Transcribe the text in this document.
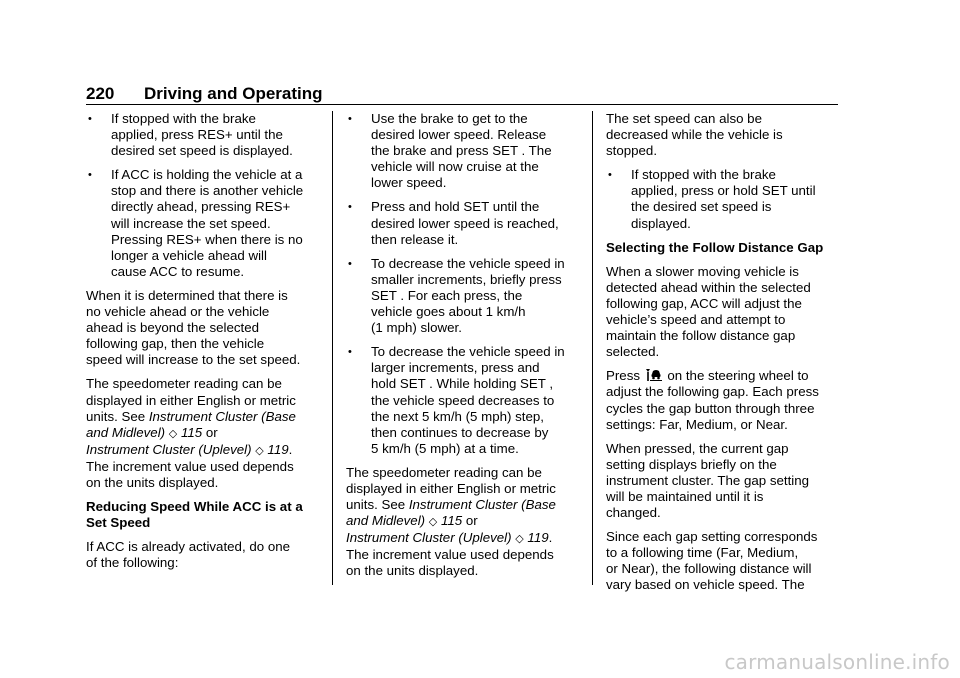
220 Driving and Operating
• If stopped with the brake
applied, press RES+ until the
desired set speed is displayed.
• If ACC is holding the vehicle at a
stop and there is another vehicle
directly ahead, pressing RES+
will increase the set speed.
Pressing RES+ when there is no
longer a vehicle ahead will
cause ACC to resume.

When it is determined that there is
no vehicle ahead or the vehicle
ahead is beyond the selected
following gap, then the vehicle
speed will increase to the set speed.

The speedometer reading can be
displayed in either English or metric
units. See Instrument Cluster (Base
and Midlevel) ◇ 115 or
Instrument Cluster (Uplevel) ◇ 119.
The increment value used depends
on the units displayed.

Reducing Speed While ACC is at a
Set Speed

If ACC is already activated, do one
of the following:

• Use the brake to get to the
desired lower speed. Release
the brake and press SET . The
vehicle will now cruise at the
lower speed.
• Press and hold SET until the
desired lower speed is reached,
then release it.
• To decrease the vehicle speed in
smaller increments, briefly press
SET . For each press, the
vehicle goes about 1 km/h
(1 mph) slower.
• To decrease the vehicle speed in
larger increments, press and
hold SET . While holding SET ,
the vehicle speed decreases to
the next 5 km/h (5 mph) step,
then continues to decrease by
5 km/h (5 mph) at a time.

The speedometer reading can be
displayed in either English or metric
units. See Instrument Cluster (Base
and Midlevel) ◇ 115 or
Instrument Cluster (Uplevel) ◇ 119.
The increment value used depends
on the units displayed.

The set speed can also be
decreased while the vehicle is
stopped.

• If stopped with the brake
applied, press or hold SET until
the desired set speed is
displayed.

Selecting the Follow Distance Gap

When a slower moving vehicle is
detected ahead within the selected
following gap, ACC will adjust the
vehicle’s speed and attempt to
maintain the follow distance gap
selected.

Press  on the steering wheel to
adjust the following gap. Each press
cycles the gap button through three
settings: Far, Medium, or Near.

When pressed, the current gap
setting displays briefly on the
instrument cluster. The gap setting
will be maintained until it is
changed.

Since each gap setting corresponds
to a following time (Far, Medium,
or Near), the following distance will
vary based on vehicle speed. The

carmanualsonline.info
